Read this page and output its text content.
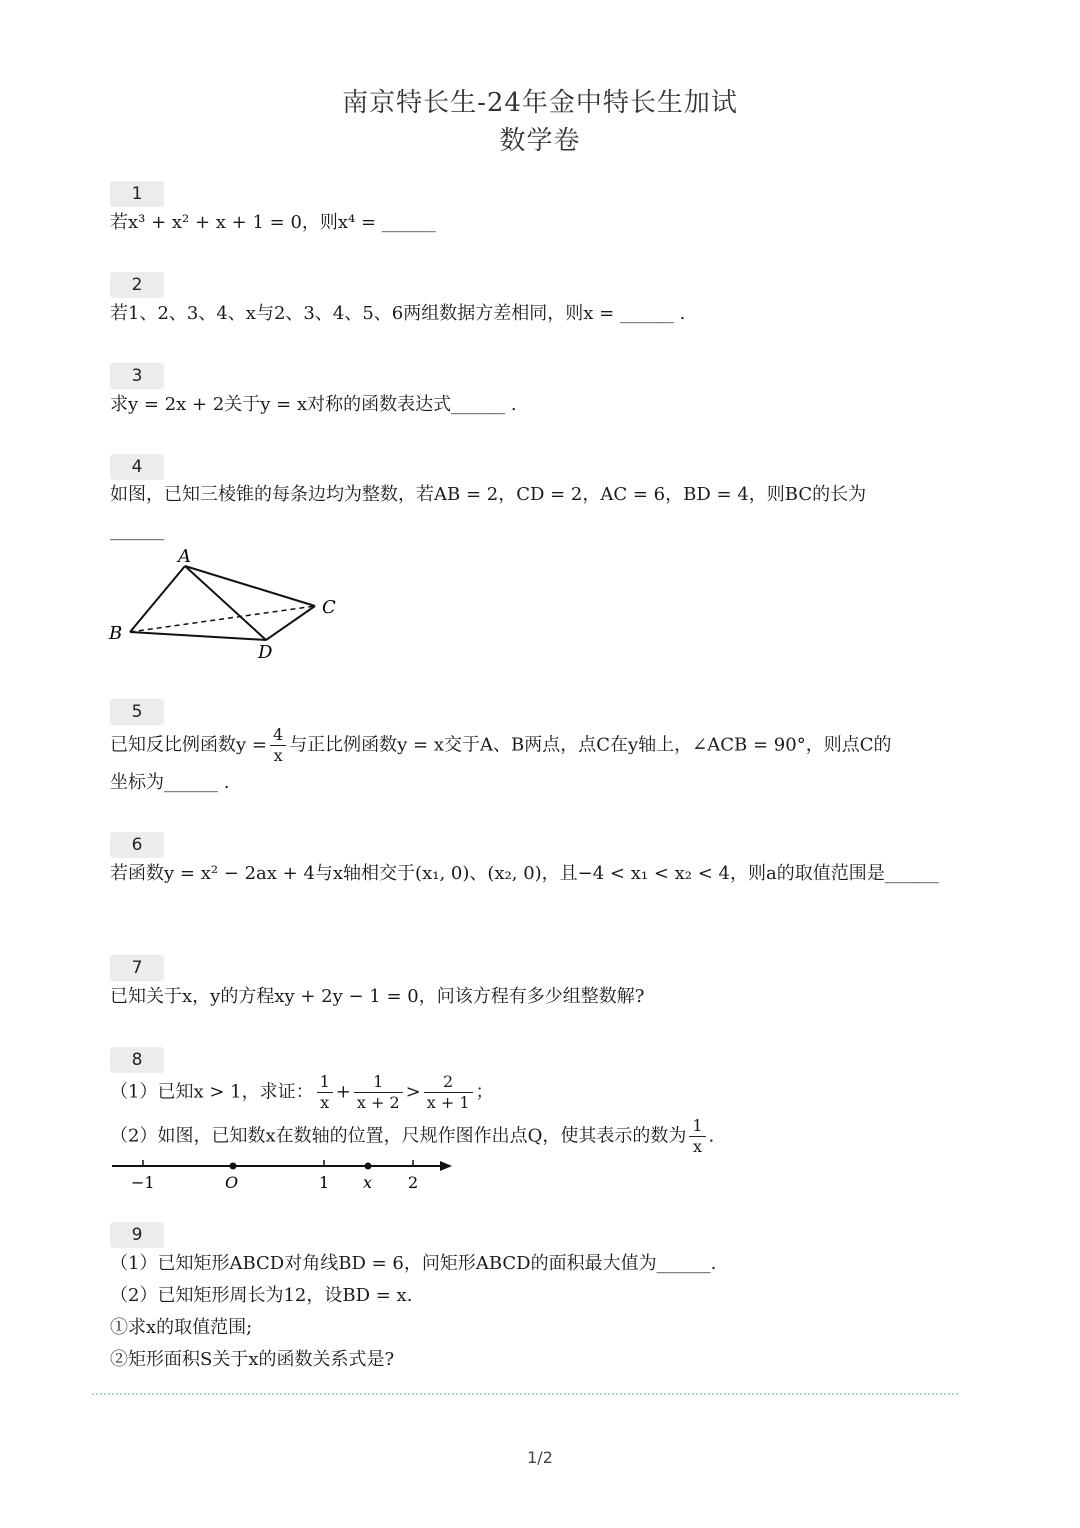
南京特长生-24年金中特长生加试
数学卷
1
若x³ + x² + x + 1 = 0，则x⁴ = ______
2
若1、2、3、4、x与2、3、4、5、6两组数据方差相同，则x = ______ .
3
求y = 2x + 2关于y = x对称的函数表达式______ .
4
如图，已知三棱锥的每条边均为整数，若AB = 2，CD = 2，AC = 6，BD = 4，则BC的长为
______
A
B
C
D
5
已知反比例函数$y = \frac{4}{x}$ 与正比例函数y = x交于A、B两点，点C在y轴上，∠ACB = 90°，则点C的
坐标为______ .
6
若函数y = x² − 2ax + 4与x轴相交于(x₁, 0)、(x₂, 0)，且−4 < x₁ < x₂ < 4，则a的取值范围是______
7
已知关于x，y的方程xy + 2y − 1 = 0，问该方程有多少组整数解?
8
（1）已知x > 1，求证： $\frac{1}{x} + \frac{1}{x + 2} > \frac{2}{x + 1}$ ；
（2）如图，已知数x在数轴的位置，尺规作图作出点Q，使其表示的数为 $\frac{1}{x}$ .
−1	O	1 x 2
9
（1）已知矩形ABCD对角线BD = 6，问矩形ABCD的面积最大值为______.
（2）已知矩形周长为12，设BD = x.
①求x的取值范围;
②矩形面积S关于x的函数关系式是?
1/2
